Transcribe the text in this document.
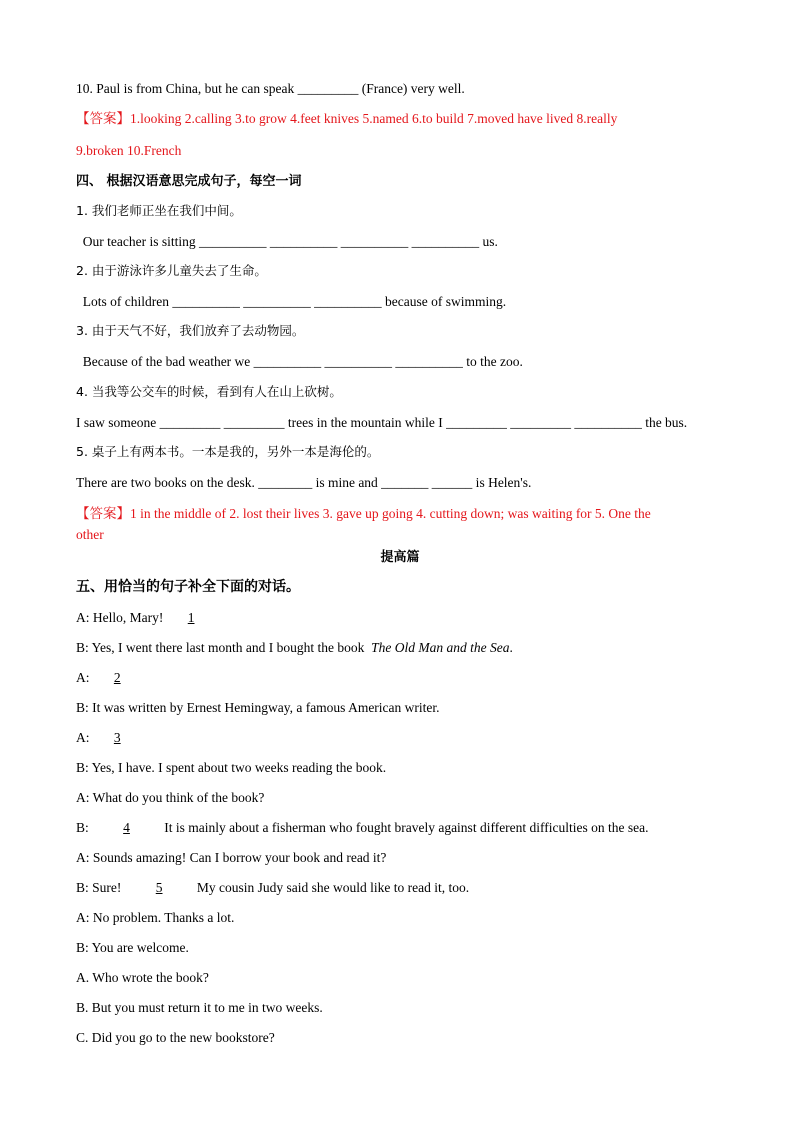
10. Paul is from China, but he can speak _________ (France) very well.
【答案】1.looking 2.calling 3.to grow 4.feet knives 5.named 6.to build 7.moved have lived 8.really
9.broken 10.French
四、 根据汉语意思完成句子，每空一词
1. 我们老师正坐在我们中间。
Our teacher is sitting __________ __________ __________ __________ us.
2. 由于游泳许多儿童失去了生命。
Lots of children __________ __________ __________ because of swimming.
3. 由于天气不好，我们放弃了去动物园。
Because of the bad weather we __________ __________ __________ to the zoo.
4. 当我等公交车的时候，看到有人在山上砍树。
I saw someone _________ _________ trees in the mountain while I _________ _________ __________ the bus.
5. 桌子上有两本书。一本是我的，另外一本是海伦的。
There are two books on the desk. ________ is mine and _______ ______ is Helen's.
【答案】1 in the middle of 2. lost their lives 3. gave up going 4. cutting down; was waiting for 5. One the
other
提高篇
五、用恰当的句子补全下面的对话。
A: Hello, Mary!  1
B: Yes, I went there last month and I bought the book  The Old Man and the Sea.
A:  2
B: It was written by Ernest Hemingway, a famous American writer.
A:  3
B: Yes, I have. I spent about two weeks reading the book.
A: What do you think of the book?
B:  4  It is mainly about a fisherman who fought bravely against different difficulties on the sea.
A: Sounds amazing! Can I borrow your book and read it?
B: Sure!  5  My cousin Judy said she would like to read it, too.
A: No problem. Thanks a lot.
B: You are welcome.
A. Who wrote the book?
B. But you must return it to me in two weeks.
C. Did you go to the new bookstore?
